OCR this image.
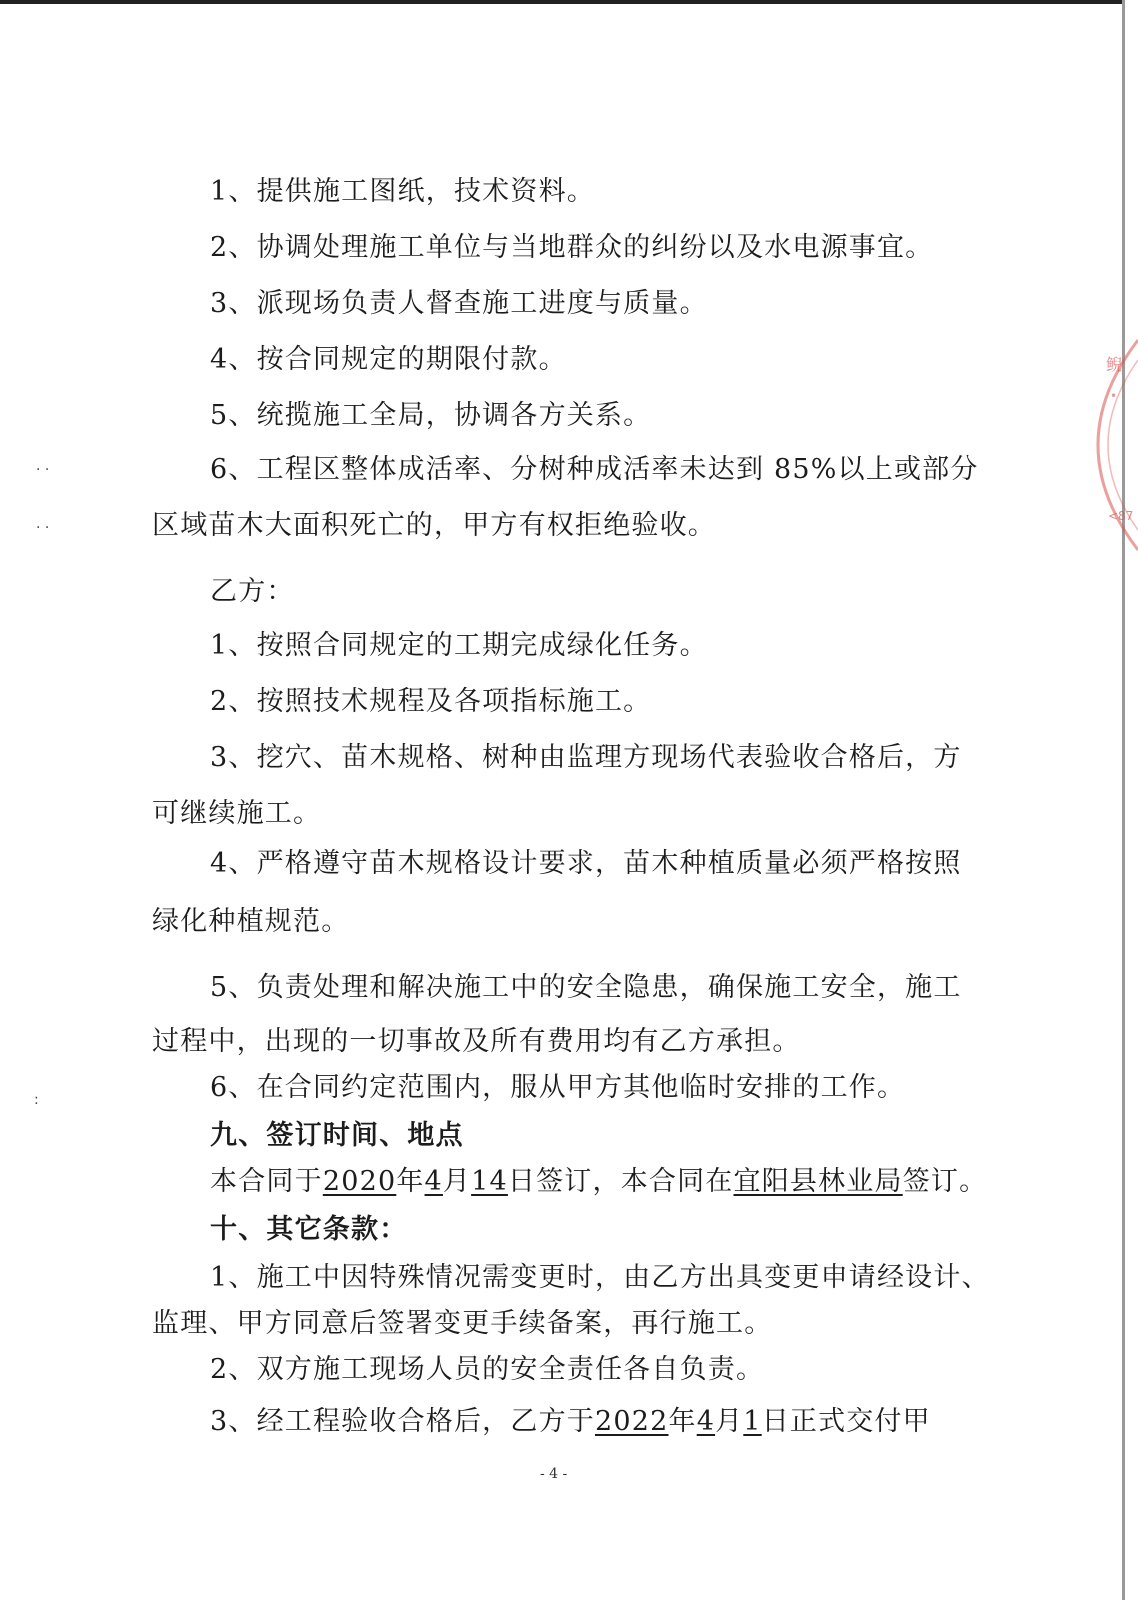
1、提供施工图纸，技术资料。
2、协调处理施工单位与当地群众的纠纷以及水电源事宜。
3、派现场负责人督查施工进度与质量。
4、按合同规定的期限付款。
5、统揽施工全局，协调各方关系。
6、工程区整体成活率、分树种成活率未达到 85%以上或部分
区域苗木大面积死亡的，甲方有权拒绝验收。
乙方：
1、按照合同规定的工期完成绿化任务。
2、按照技术规程及各项指标施工。
3、挖穴、苗木规格、树种由监理方现场代表验收合格后，方
可继续施工。
4、严格遵守苗木规格设计要求，苗木种植质量必须严格按照
绿化种植规范。
5、负责处理和解决施工中的安全隐患，确保施工安全，施工
过程中，出现的一切事故及所有费用均有乙方承担。
6、在合同约定范围内，服从甲方其他临时安排的工作。
九、签订时间、地点
本合同于2020年4月14日签订，本合同在宜阳县林业局签订。
十、其它条款：
1、施工中因特殊情况需变更时，由乙方出具变更申请经设计、
监理、甲方同意后签署变更手续备案，再行施工。
2、双方施工现场人员的安全责任各自负责。
3、经工程验收合格后，乙方于2022年4月1日正式交付甲
- 4 -
· ·
· ·
:
鲵
•
<87
